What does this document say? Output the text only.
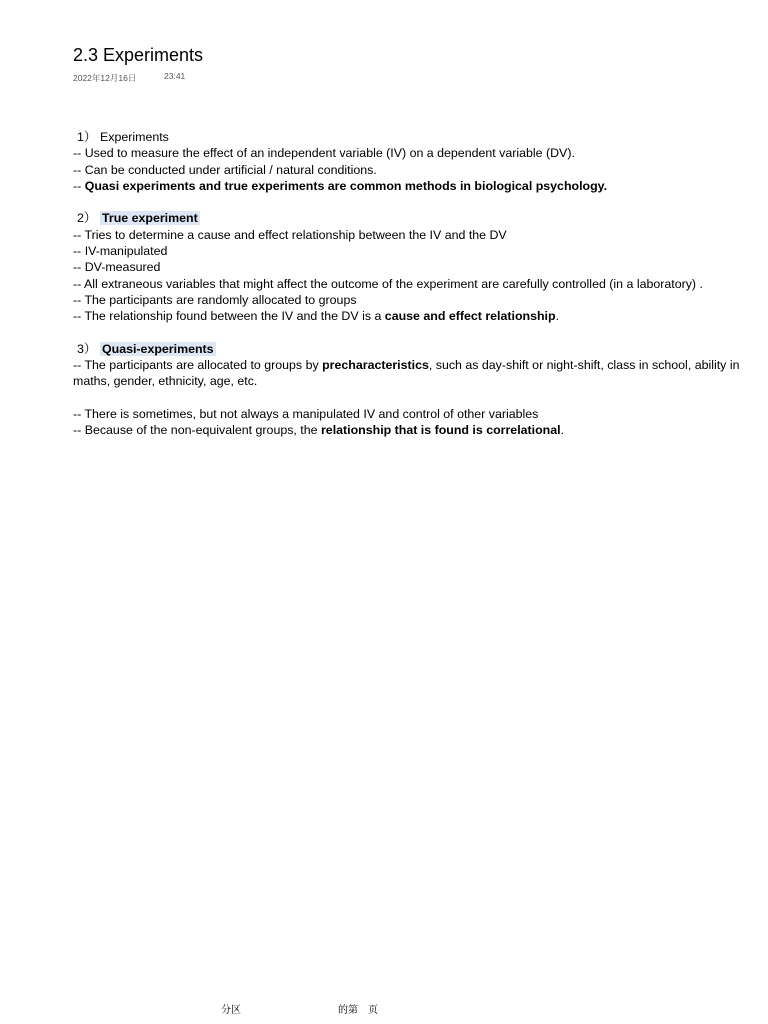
2.3 Experiments
2022年12月16日	23:41
1） Experiments
-- Used to measure the effect of an independent variable (IV) on a dependent variable (DV).
-- Can be conducted under artificial / natural conditions.
-- Quasi experiments and true experiments are common methods in biological psychology.
2） True experiment
-- Tries to determine a cause and effect relationship between the IV and the DV
-- IV-manipulated
-- DV-measured
-- All extraneous variables that might affect the outcome of the experiment are carefully controlled (in a laboratory) .
-- The participants are randomly allocated to groups
-- The relationship found between the IV and the DV is a cause and effect relationship.
3） Quasi-experiments
-- The participants are allocated to groups by precharacteristics, such as day-shift or night-shift, class in school, ability in maths, gender, ethnicity, age, etc.
-- There is sometimes, but not always a manipulated IV and control of other variables
-- Because of the non-equivalent groups, the relationship that is found is correlational.
分区	的第　页
